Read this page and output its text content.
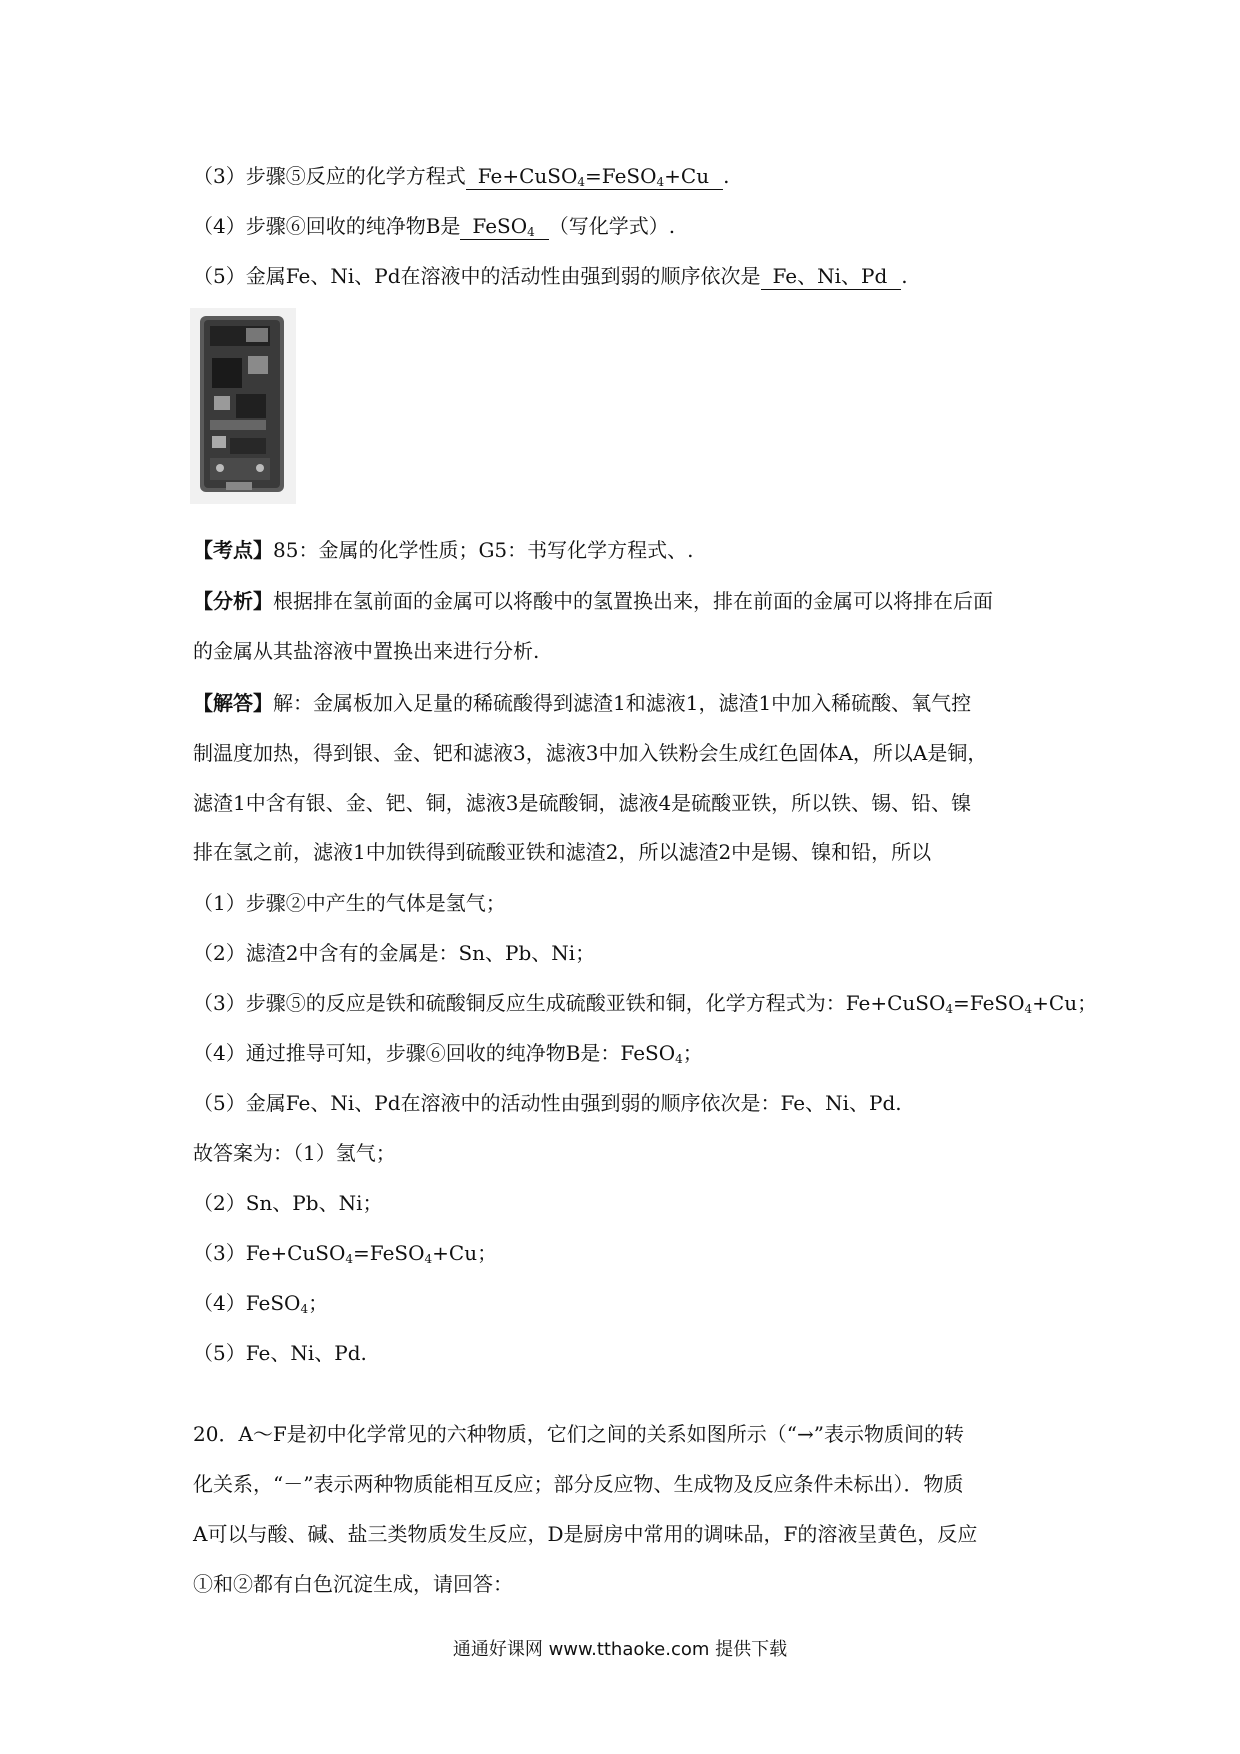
（3）步骤⑤反应的化学方程式 Fe+CuSO$_4$=FeSO$_4$+Cu .
（4）步骤⑥回收的纯净物B是 FeSO$_4$ （写化学式）.
（5）金属Fe、Ni、Pd在溶液中的活动性由强到弱的顺序依次是 Fe、Ni、Pd .
【考点】85：金属的化学性质；G5：书写化学方程式、.
【分析】根据排在氢前面的金属可以将酸中的氢置换出来，排在前面的金属可以将排在后面
的金属从其盐溶液中置换出来进行分析.
【解答】解：金属板加入足量的稀硫酸得到滤渣1和滤液1，滤渣1中加入稀硫酸、氧气控
制温度加热，得到银、金、钯和滤液3，滤液3中加入铁粉会生成红色固体A，所以A是铜，
滤渣1中含有银、金、钯、铜，滤液3是硫酸铜，滤液4是硫酸亚铁，所以铁、锡、铅、镍
排在氢之前，滤液1中加铁得到硫酸亚铁和滤渣2，所以滤渣2中是锡、镍和铅，所以
（1）步骤②中产生的气体是氢气；
（2）滤渣2中含有的金属是：Sn、Pb、Ni；
（3）步骤⑤的反应是铁和硫酸铜反应生成硫酸亚铁和铜，化学方程式为：Fe+CuSO$_4$=FeSO$_4$+Cu；
（4）通过推导可知，步骤⑥回收的纯净物B是：FeSO$_4$；
（5）金属Fe、Ni、Pd在溶液中的活动性由强到弱的顺序依次是：Fe、Ni、Pd.
故答案为：（1）氢气；
（2）Sn、Pb、Ni；
（3）Fe+CuSO$_4$=FeSO$_4$+Cu；
（4）FeSO$_4$；
（5）Fe、Ni、Pd.
20．A～F是初中化学常见的六种物质，它们之间的关系如图所示（“→”表示物质间的转
化关系，“－”表示两种物质能相互反应；部分反应物、生成物及反应条件未标出）．物质
A可以与酸、碱、盐三类物质发生反应，D是厨房中常用的调味品，F的溶液呈黄色，反应
①和②都有白色沉淀生成，请回答：
通通好课网 www.tthaoke.com 提供下载
